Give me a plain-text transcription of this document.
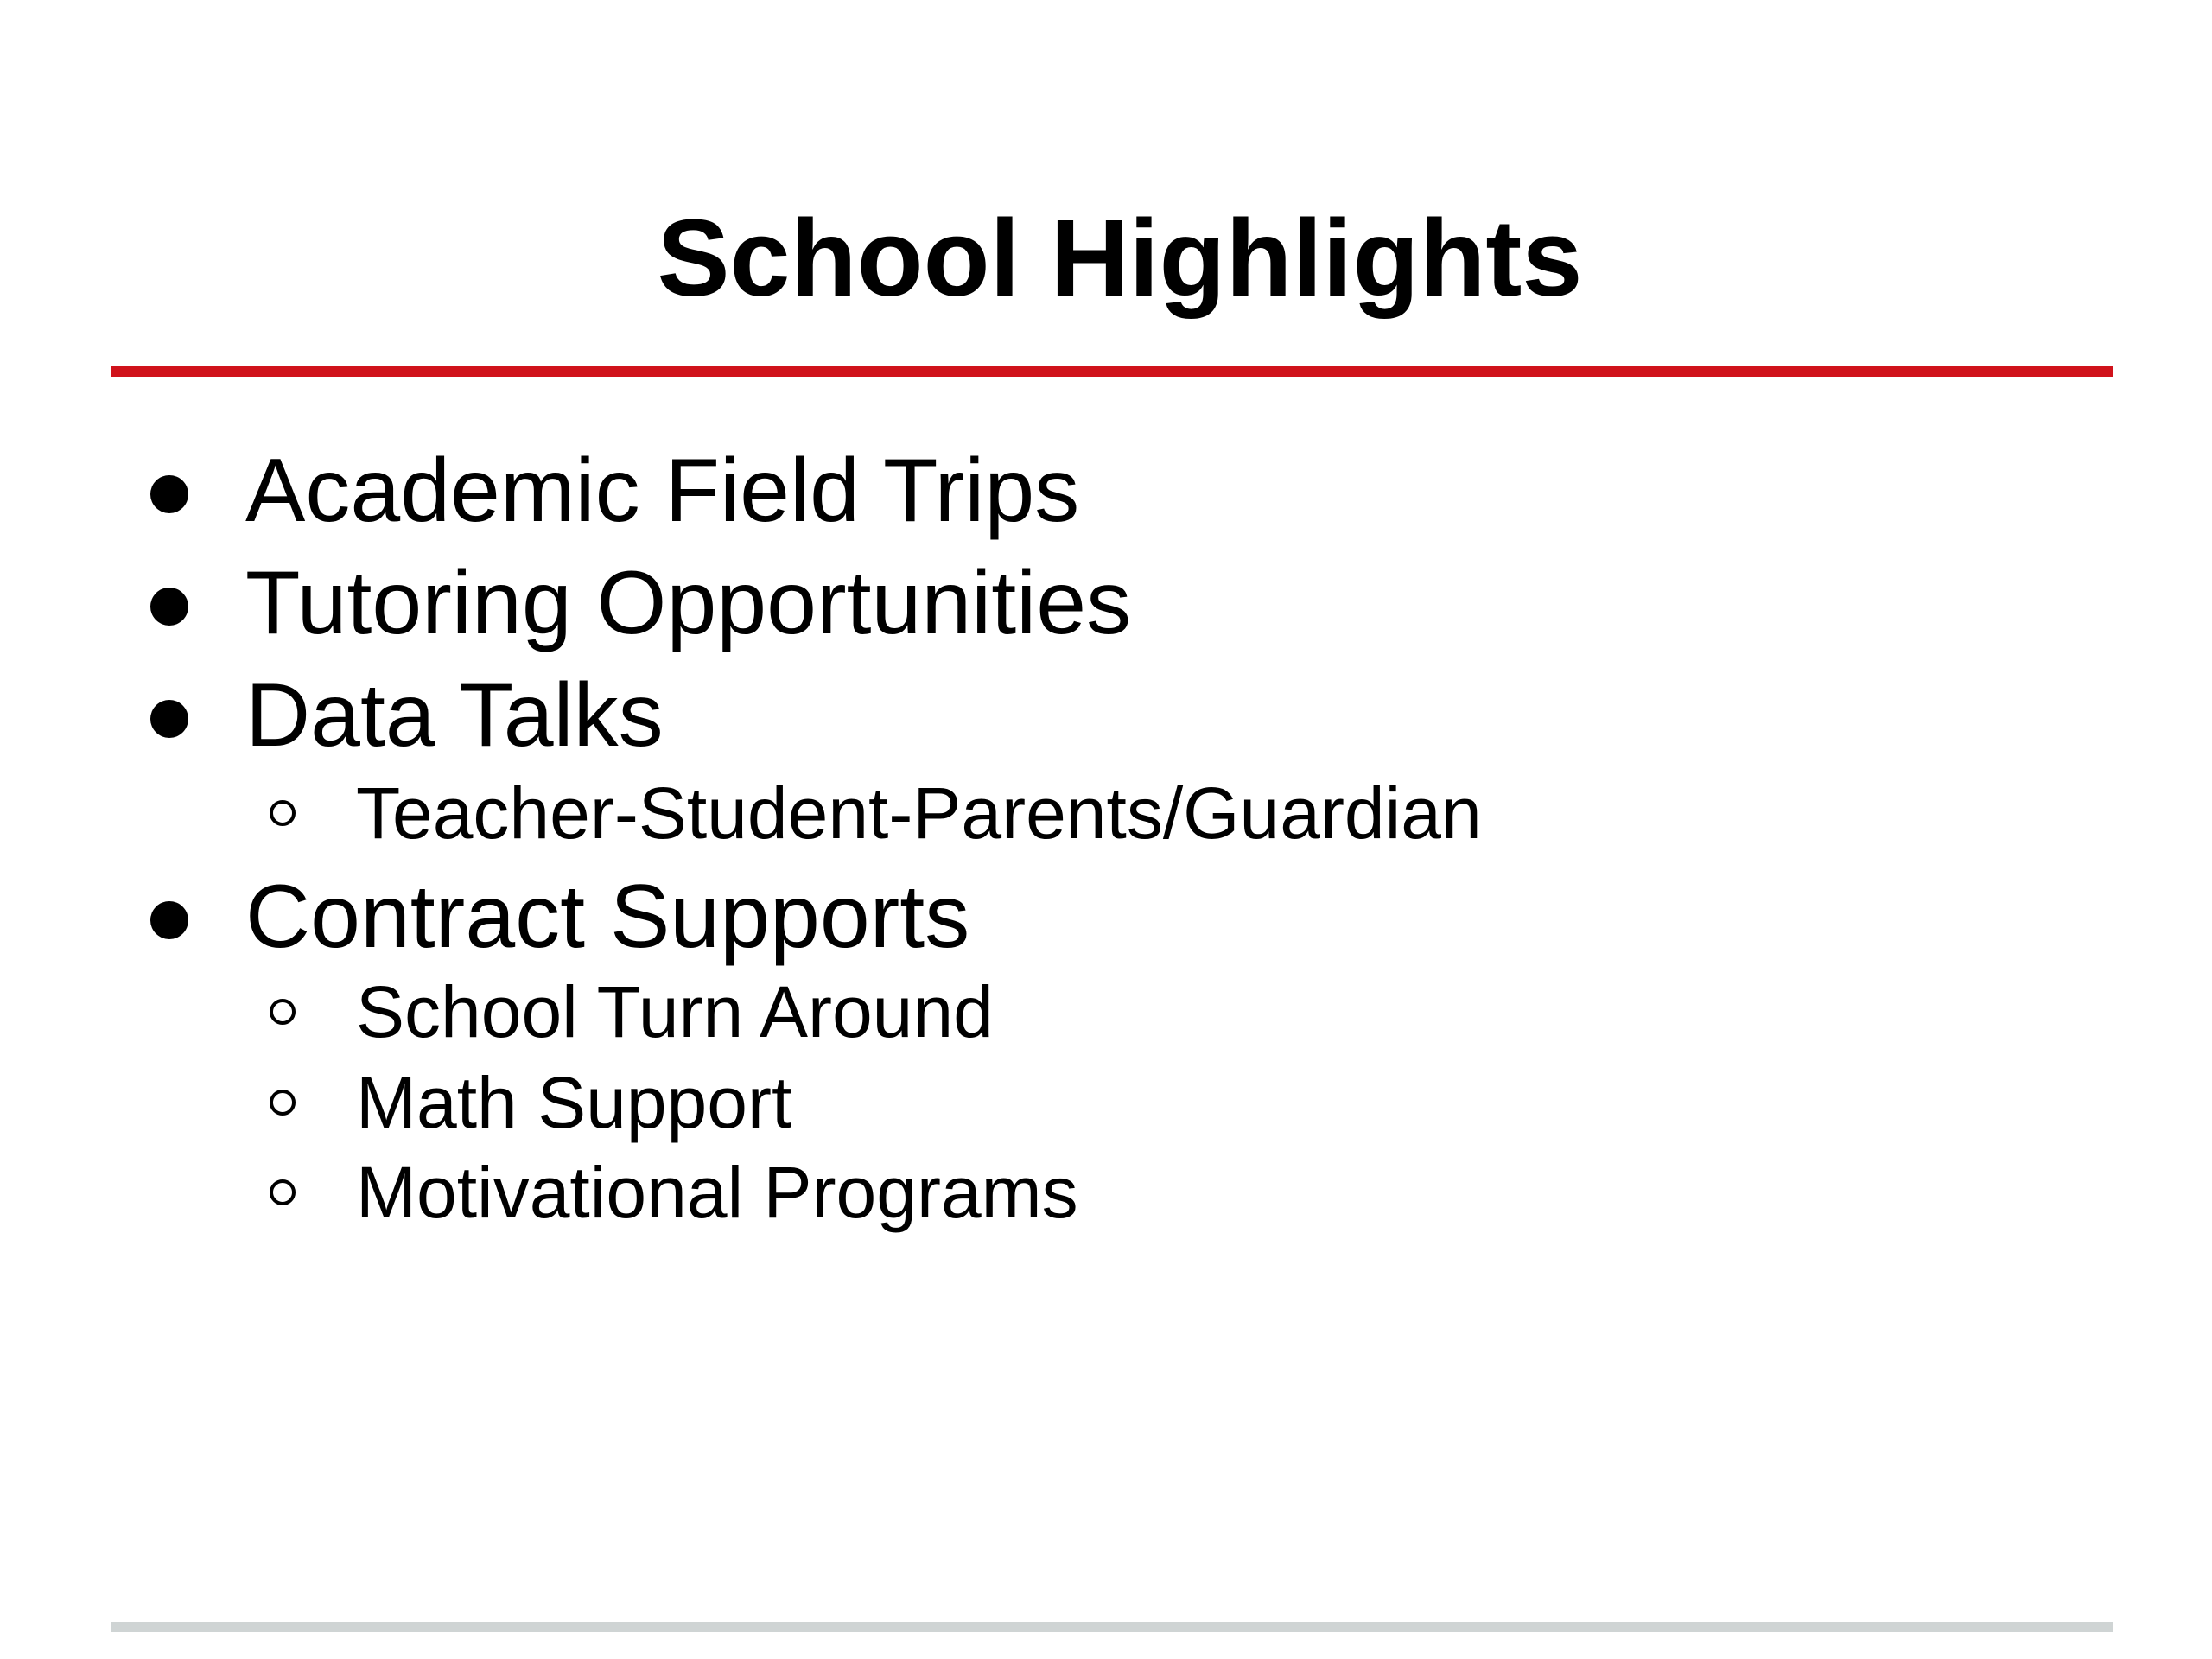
School Highlights
Academic Field Trips
Tutoring Opportunities
Data Talks
Teacher-Student-Parents/Guardian
Contract Supports
School Turn Around
Math Support
Motivational Programs
